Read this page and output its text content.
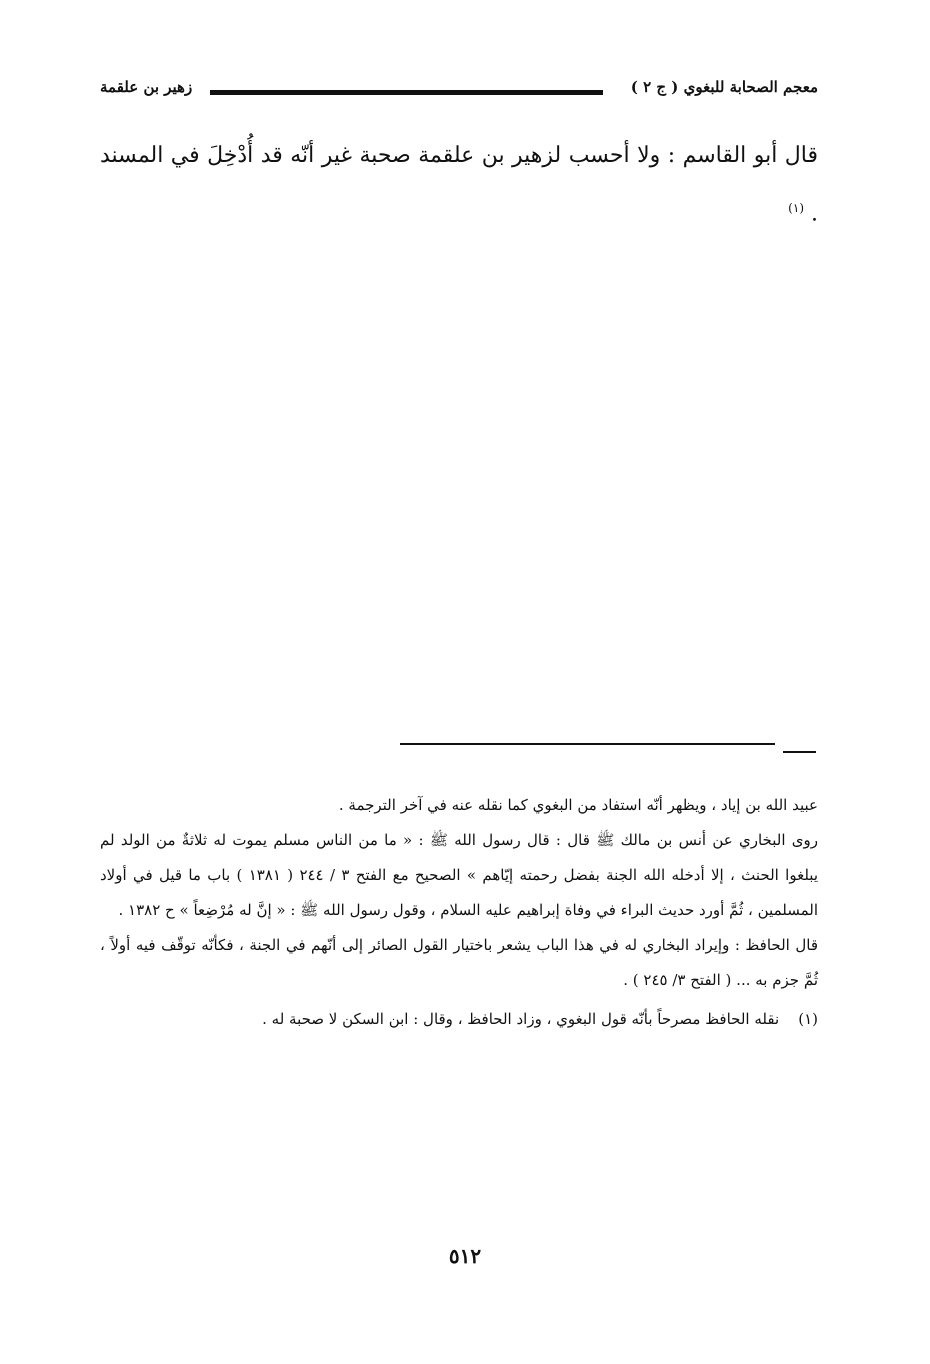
معجم الصحابة للبغوي ( ج ٢ )
زهير بن علقمة
قال أبو القاسم : ولا أحسب لزهير بن علقمة صحبة غير أنّه قد أُدْخِلَ في المسند . $^{(١)}$

عبيد الله بن إياد ، ويظهر أنّه استفاد من البغوي كما نقله عنه في آخر الترجمة .

روى البخاري عن أنس بن مالك ﷺ قال : قال رسول الله ﷺ : « ما من الناس مسلم يموت له ثلاثةٌ من الولد لم يبلغوا الحنث ، إلا أدخله الله الجنة بفضل رحمته إيّاهم » الصحيح مع الفتح ٣ / ٢٤٤ ( ١٣٨١ ) باب ما قيل في أولاد المسلمين ، ثُمَّ أورد حديث البراء في وفاة إبراهيم عليه السلام ، وقول رسول الله ﷺ : « إنَّ له مُرْضِعاً » ح ١٣٨٢ .

قال الحافظ : وإيراد البخاري له في هذا الباب يشعر باختيار القول الصائر إلى أنّهم في الجنة ، فكأنّه توقّف فيه أولاً ، ثُمَّ جزم به ... ( الفتح ٣/ ٢٤٥ ) .

(١)    نقله الحافظ مصرحاً بأنّه قول البغوي ، وزاد الحافظ ، وقال : ابن السكن لا صحبة له .

٥١٢
